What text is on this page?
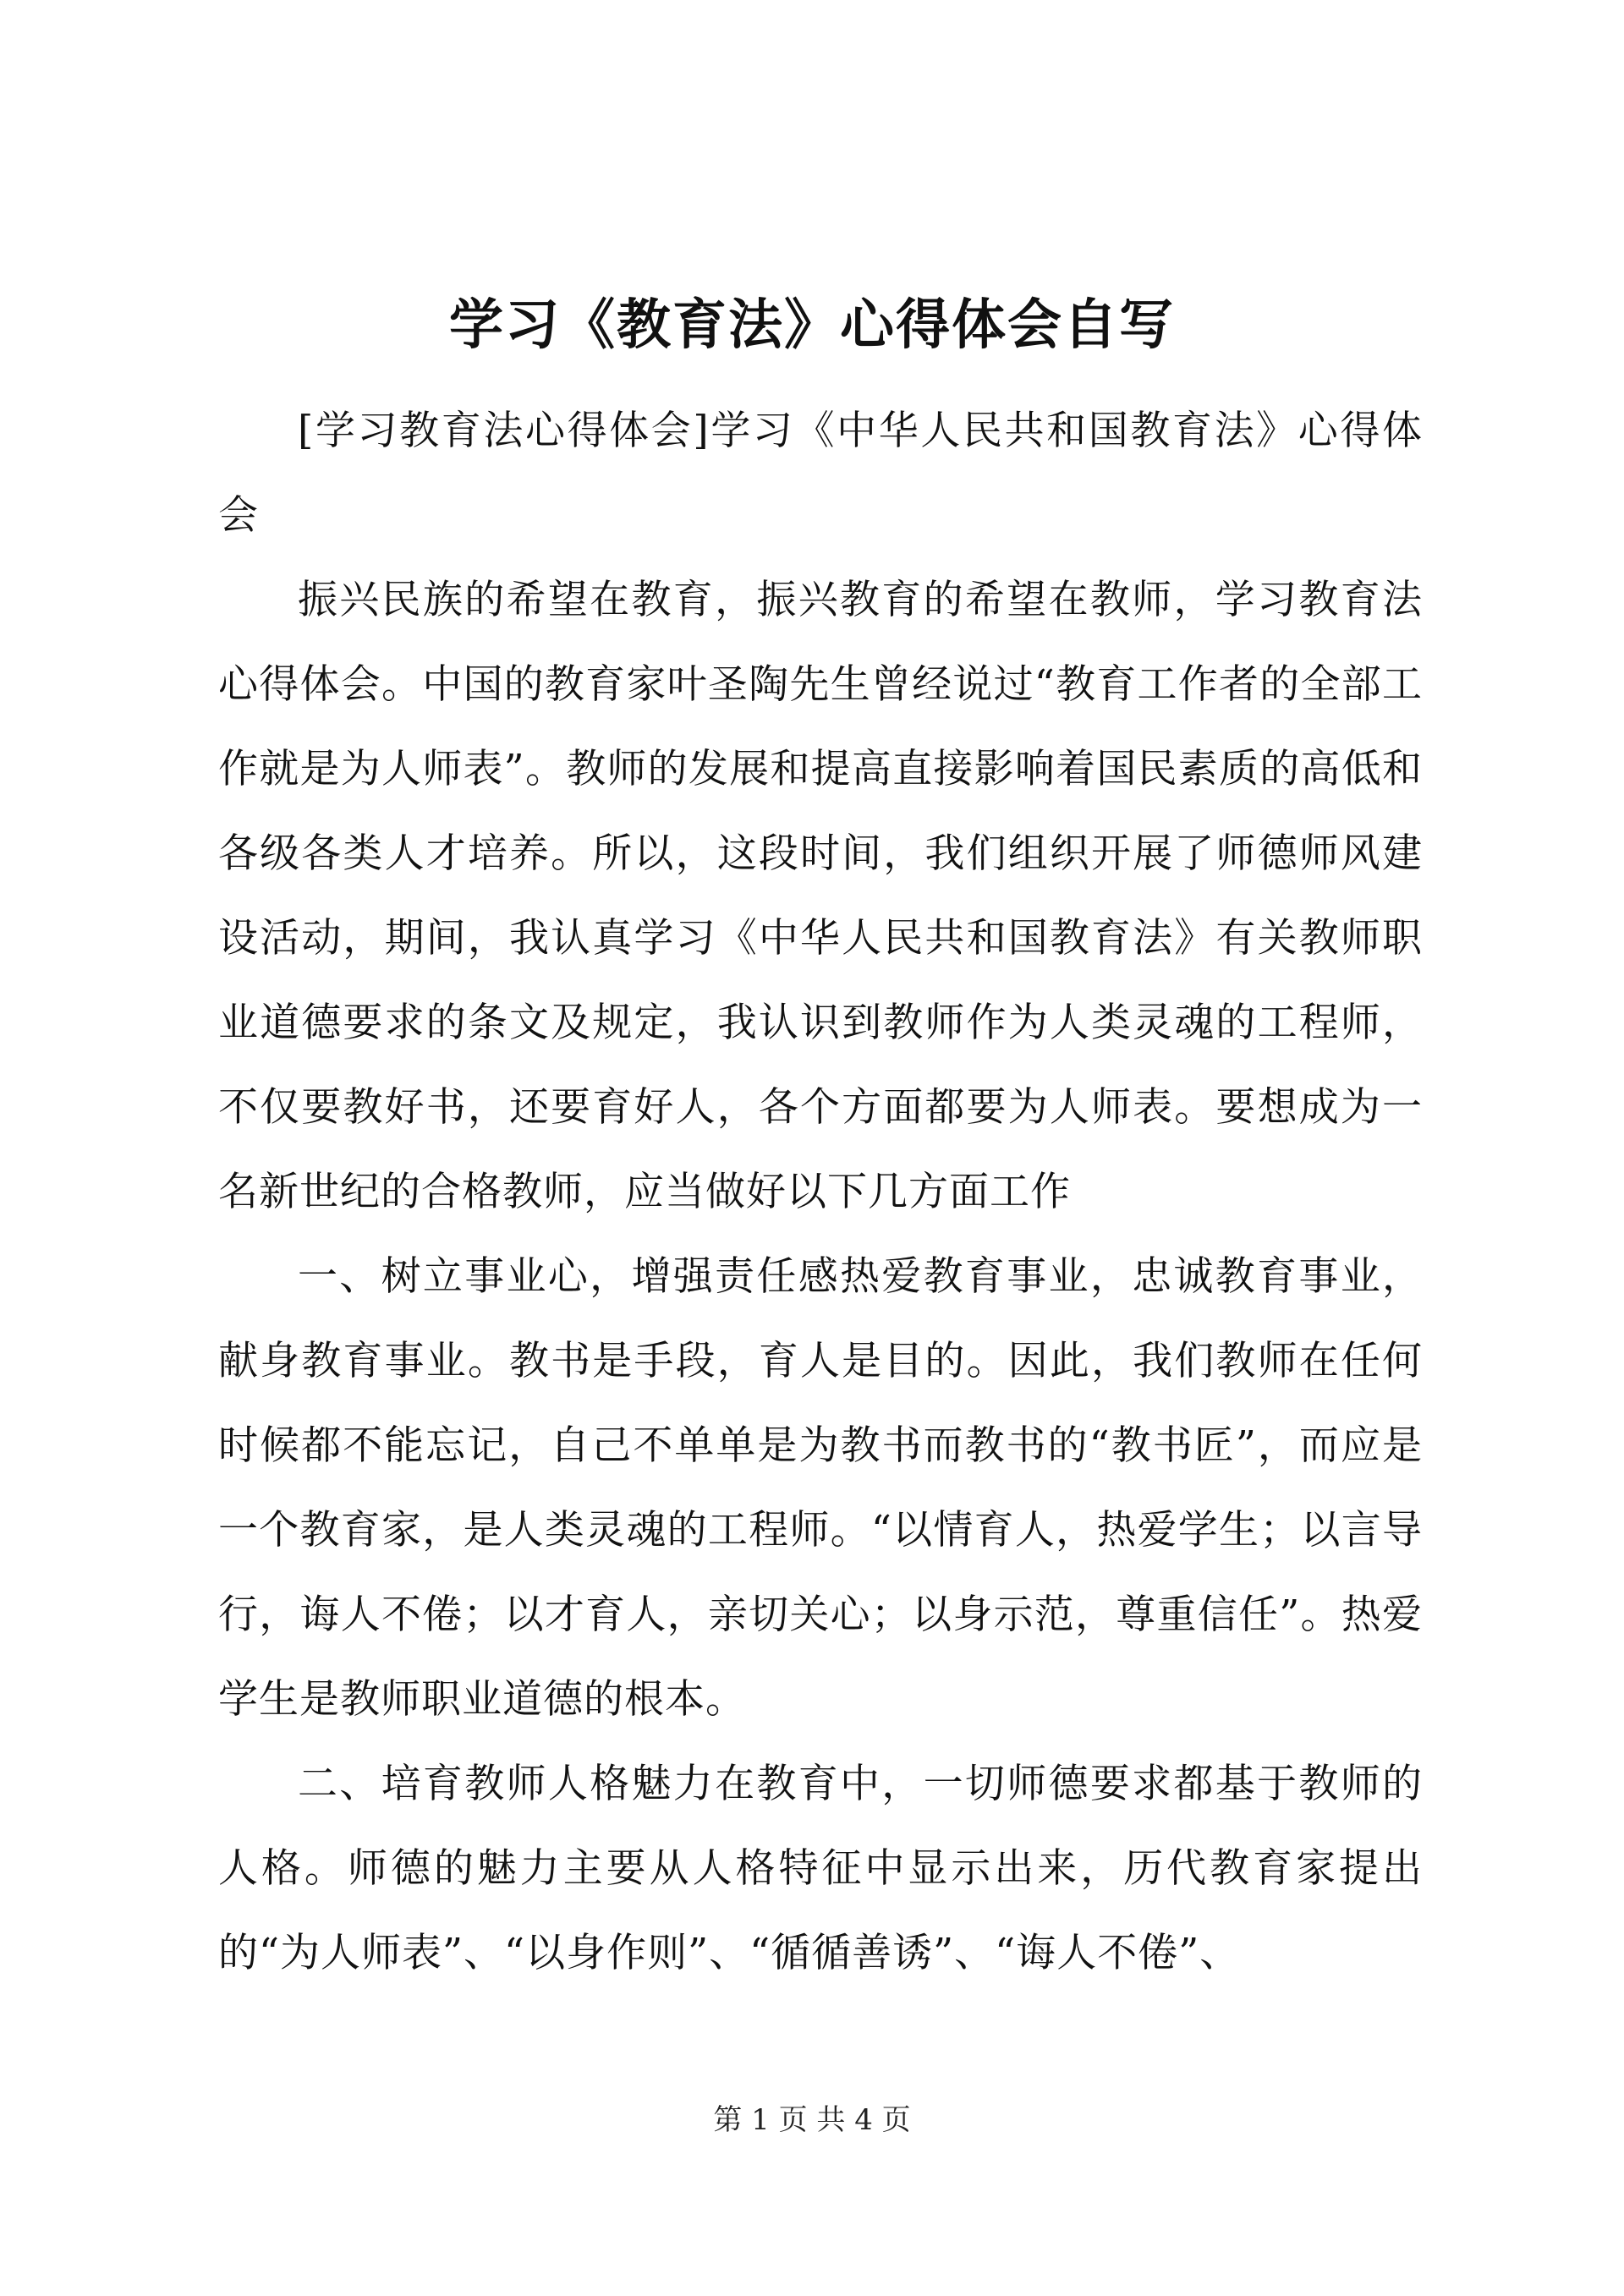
学习《教育法》心得体会自写

[学习教育法心得体会]学习《中华人民共和国教育法》心得体会

振兴民族的希望在教育，振兴教育的希望在教师，学习教育法心得体会。中国的教育家叶圣陶先生曾经说过“教育工作者的全部工作就是为人师表”。教师的发展和提高直接影响着国民素质的高低和各级各类人才培养。所以，这段时间，我们组织开展了师德师风建设活动，期间，我认真学习《中华人民共和国教育法》有关教师职业道德要求的条文及规定，我认识到教师作为人类灵魂的工程师，不仅要教好书，还要育好人，各个方面都要为人师表。要想成为一名新世纪的合格教师，应当做好以下几方面工作

一、树立事业心，增强责任感热爱教育事业，忠诚教育事业，献身教育事业。教书是手段，育人是目的。因此，我们教师在任何时候都不能忘记，自己不单单是为教书而教书的“教书匠”，而应是一个教育家，是人类灵魂的工程师。“以情育人，热爱学生；以言导行，诲人不倦；以才育人，亲切关心；以身示范，尊重信任”。热爱学生是教师职业道德的根本。

二、培育教师人格魅力在教育中，一切师德要求都基于教师的人格。师德的魅力主要从人格特征中显示出来，历代教育家提出的“为人师表”、“以身作则”、“循循善诱”、“诲人不倦”、

第 1 页 共 4 页
